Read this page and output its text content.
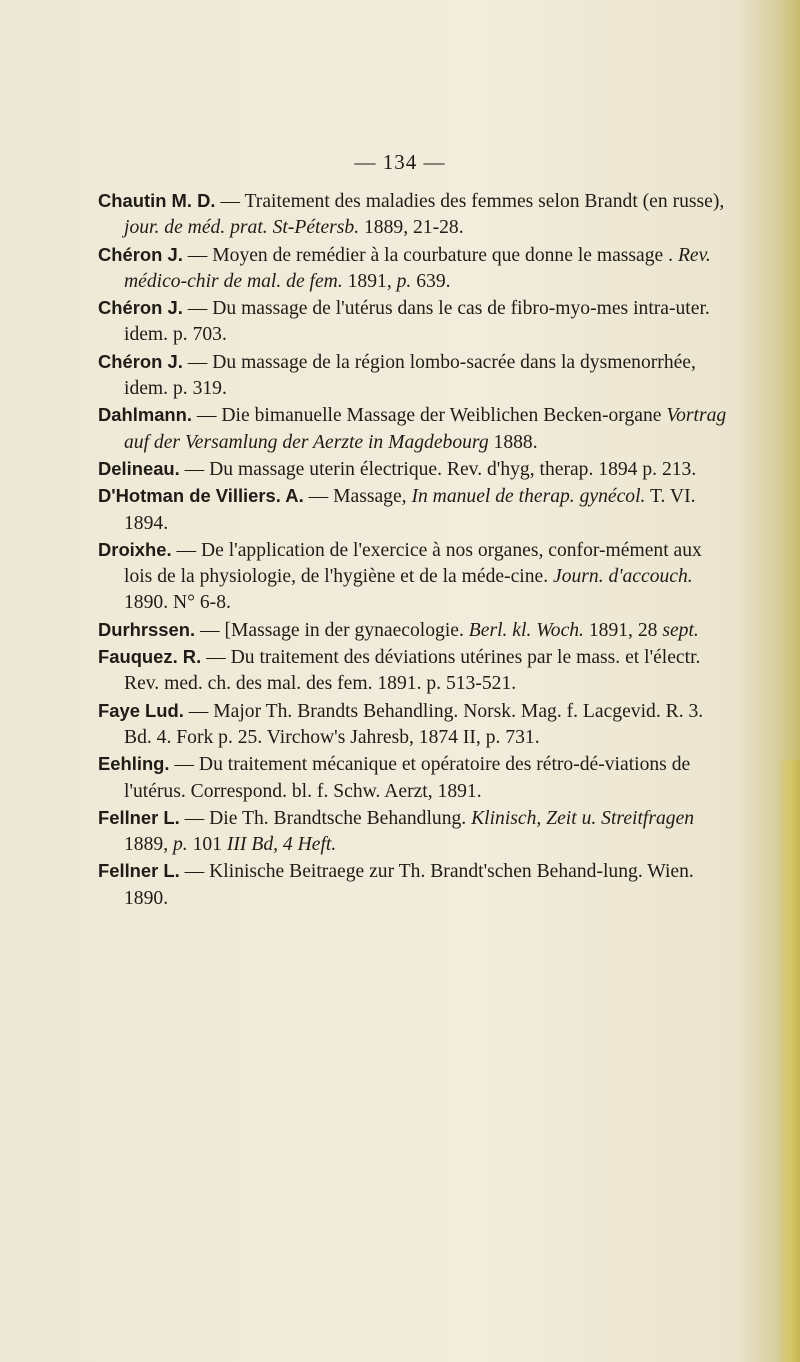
— 134 —

Chautin M. D. — Traitement des maladies des femmes selon Brandt (en russe), jour. de méd. prat. St-Pétersb. 1889, 21-28.

Chéron J. — Moyen de remédier à la courbature que donne le massage . Rev. médico-chir de mal. de fem. 1891, p. 639.

Chéron J. — Du massage de l'utérus dans le cas de fibro-myo-mes intra-uter. idem. p. 703.

Chéron J. — Du massage de la région lombo-sacrée dans la dysmenorrhée, idem. p. 319.

Dahlmann. — Die bimanuelle Massage der Weiblichen Becken-organe Vortrag auf der Versamlung der Aerzte in Magdebourg 1888.

Delineau. — Du massage uterin électrique. Rev. d'hyg, therap. 1894 p. 213.

D'Hotman de Villiers. A. — Massage, In manuel de therap. gynécol. T. VI. 1894.

Droixhe. — De l'application de l'exercice à nos organes, confor-mément aux lois de la physiologie, de l'hygiène et de la méde-cine. Journ. d'accouch. 1890. N° 6-8.

Durhrssen. — [Massage in der gynaecologie. Berl. kl. Woch. 1891, 28 sept.

Fauquez. R. — Du traitement des déviations utérines par le mass. et l'électr. Rev. med. ch. des mal. des fem. 1891. p. 513-521.

Faye Lud. — Major Th. Brandts Behandling. Norsk. Mag. f. Lacgevid. R. 3. Bd. 4. Fork p. 25. Virchow's Jahresb, 1874 II, p. 731.

Eehling. — Du traitement mécanique et opératoire des rétro-dé-viations de l'utérus. Correspond. bl. f. Schw. Aerzt, 1891.

Fellner L. — Die Th. Brandtsche Behandlung. Klinisch, Zeit u. Streitfragen 1889, p. 101 III Bd, 4 Heft.

Fellner L. — Klinische Beitraege zur Th. Brandt'schen Behand-lung. Wien. 1890.
